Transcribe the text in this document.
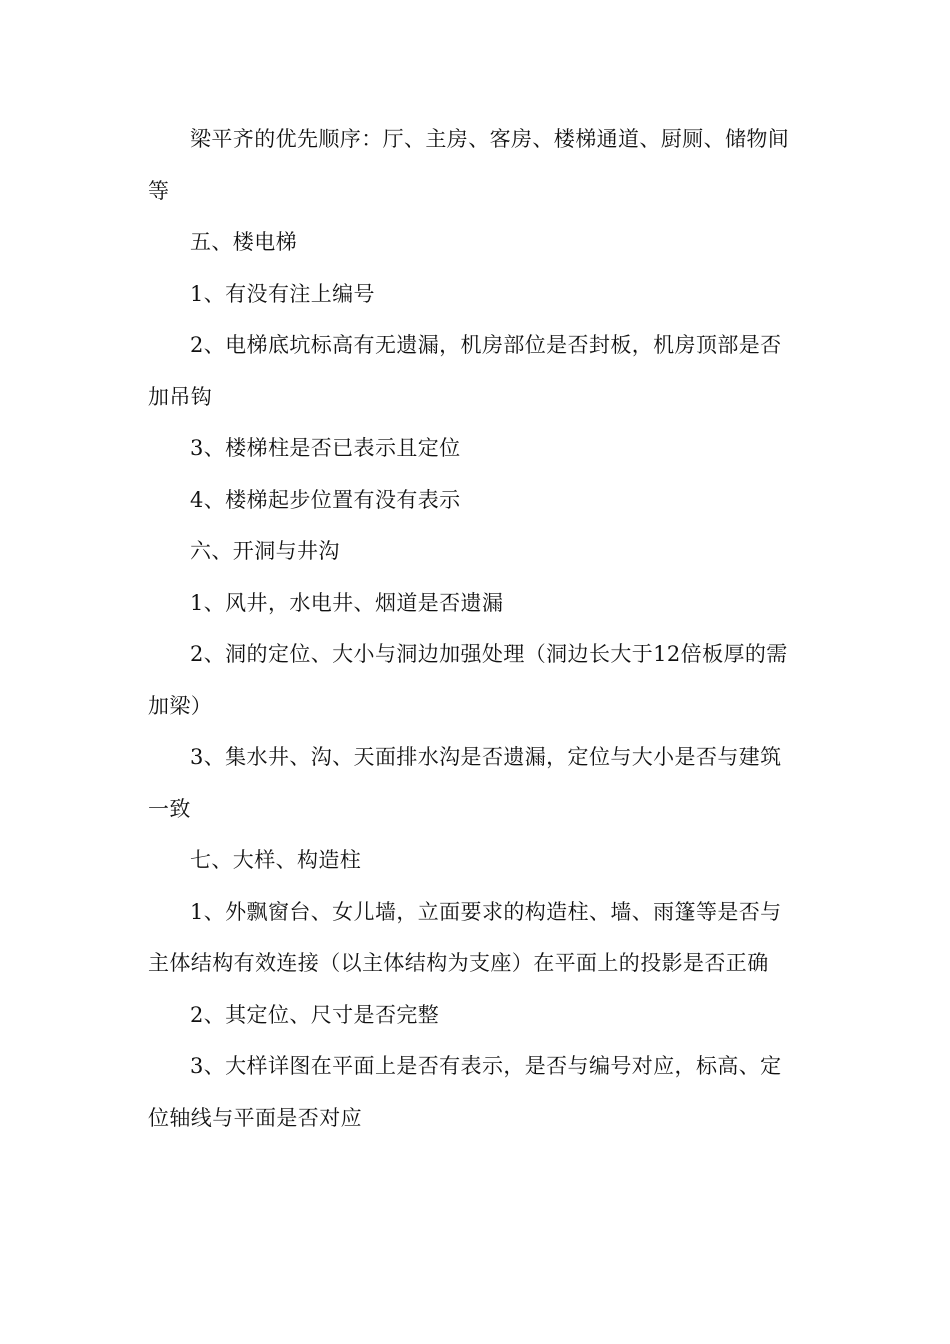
梁平齐的优先顺序：厅、主房、客房、楼梯通道、厨厕、储物间等

五、楼电梯

1、有没有注上编号

2、电梯底坑标高有无遗漏，机房部位是否封板，机房顶部是否加吊钩

3、楼梯柱是否已表示且定位

4、楼梯起步位置有没有表示

六、开洞与井沟

1、风井，水电井、烟道是否遗漏

2、洞的定位、大小与洞边加强处理（洞边长大于12倍板厚的需加梁）

3、集水井、沟、天面排水沟是否遗漏，定位与大小是否与建筑一致

七、大样、构造柱

1、外飘窗台、女儿墙，立面要求的构造柱、墙、雨篷等是否与主体结构有效连接（以主体结构为支座）在平面上的投影是否正确

2、其定位、尺寸是否完整

3、大样详图在平面上是否有表示，是否与编号对应，标高、定位轴线与平面是否对应
